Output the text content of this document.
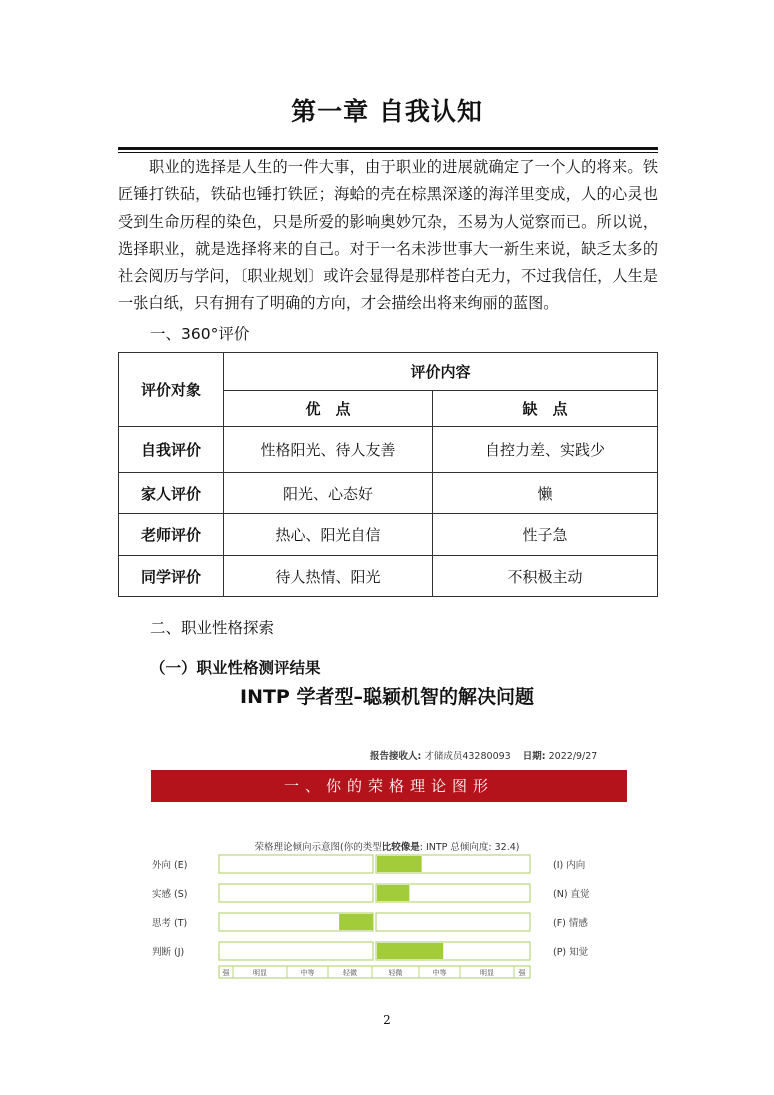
第一章 自我认知
职业的选择是人生的一件大事，由于职业的进展就确定了一个人的将来。铁匠锤打铁砧，铁砧也锤打铁匠；海蛤的壳在棕黑深遂的海洋里变成，人的心灵也受到生命历程的染色，只是所爱的影响奥妙冗杂，丕易为人觉察而已。所以说，选择职业，就是选择将来的自己。对于一名未涉世事大一新生来说，缺乏太多的社会阅历与学问，〔职业规划〕或许会显得是那样苍白无力，不过我信任，人生是一张白纸，只有拥有了明确的方向，才会描绘出将来绚丽的蓝图。
一、360°评价
评价对象	评价内容	
	优　点	缺　点
自我评价	性格阳光、待人友善	自控力差、实践少
家人评价	阳光、心态好	懒
老师评价	热心、阳光自信	性子急
同学评价	待人热情、阳光	不积极主动
二、职业性格探索
（一）职业性格测评结果
INTP 学者型–聪颖机智的解决问题
报告接收人: 才储成员43280093 日期: 2022/9/27
一、你的荣格理论图形
荣格理论倾向示意图(你的类型比较像是: INTP 总倾向度: 32.4)
外向 (E)	(I) 内向
实感 (S)	(N) 直觉
思考 (T)	(F) 情感
判断 (J)	(P) 知觉
强	明显	中等	轻微	轻微	中等	明显	强
2
